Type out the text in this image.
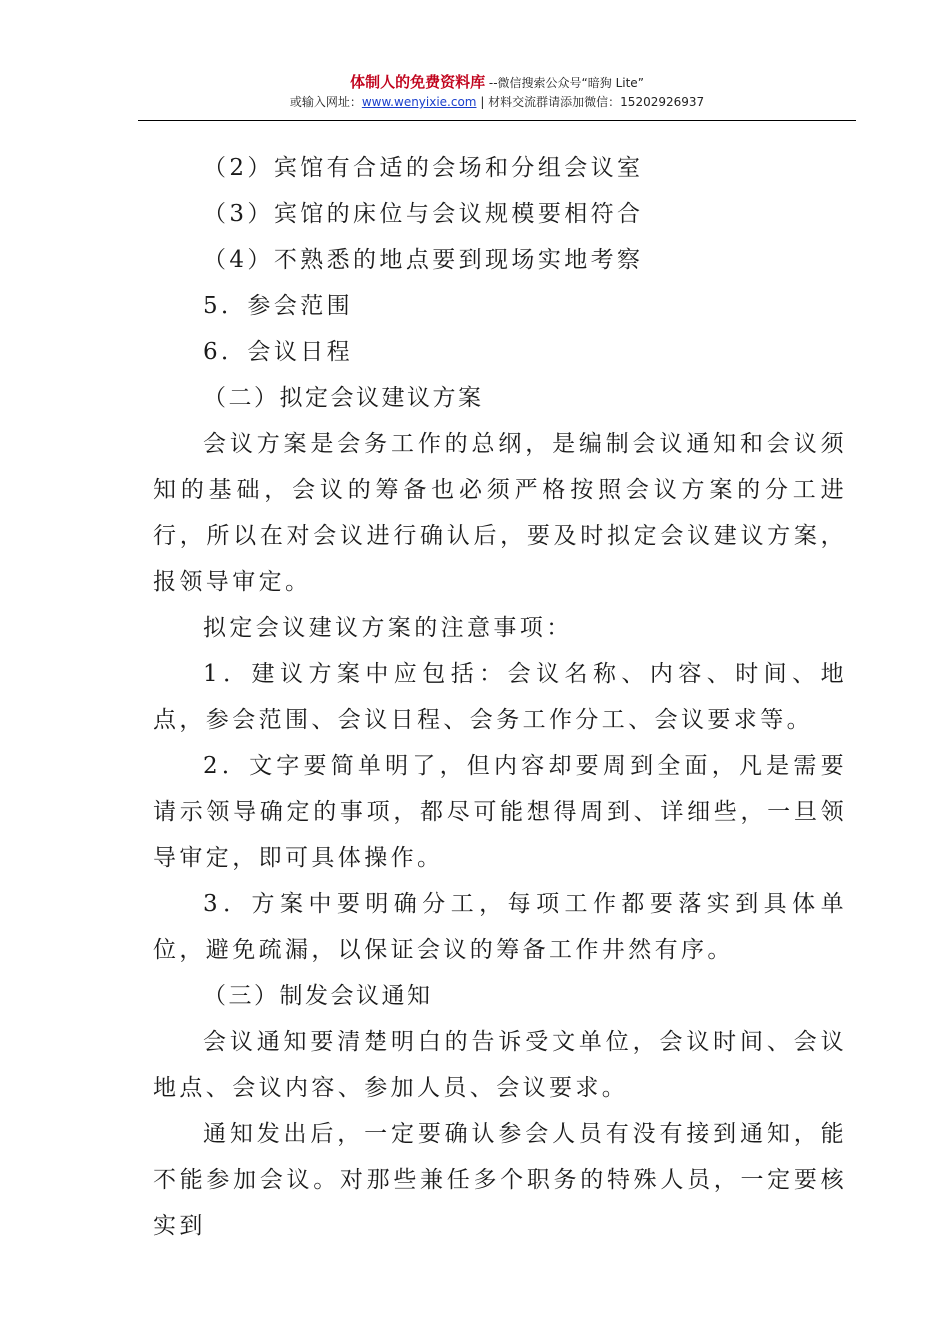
体制人的免费资料库 --微信搜索公众号“暗狗 Lite”
或输入网址：www.wenyixie.com | 材料交流群请添加微信：15202926937

（2）宾馆有合适的会场和分组会议室

（3）宾馆的床位与会议规模要相符合

（4）不熟悉的地点要到现场实地考察

5．参会范围

6．会议日程

（二）拟定会议建议方案

会议方案是会务工作的总纲，是编制会议通知和会议须知的基础，会议的筹备也必须严格按照会议方案的分工进行，所以在对会议进行确认后，要及时拟定会议建议方案，报领导审定。

拟定会议建议方案的注意事项：

1．建议方案中应包括：会议名称、内容、时间、地点，参会范围、会议日程、会务工作分工、会议要求等。

2．文字要简单明了，但内容却要周到全面，凡是需要请示领导确定的事项，都尽可能想得周到、详细些，一旦领导审定，即可具体操作。

3．方案中要明确分工，每项工作都要落实到具体单位，避免疏漏，以保证会议的筹备工作井然有序。

（三）制发会议通知

会议通知要清楚明白的告诉受文单位，会议时间、会议地点、会议内容、参加人员、会议要求。

通知发出后，一定要确认参会人员有没有接到通知，能不能参加会议。对那些兼任多个职务的特殊人员，一定要核实到
